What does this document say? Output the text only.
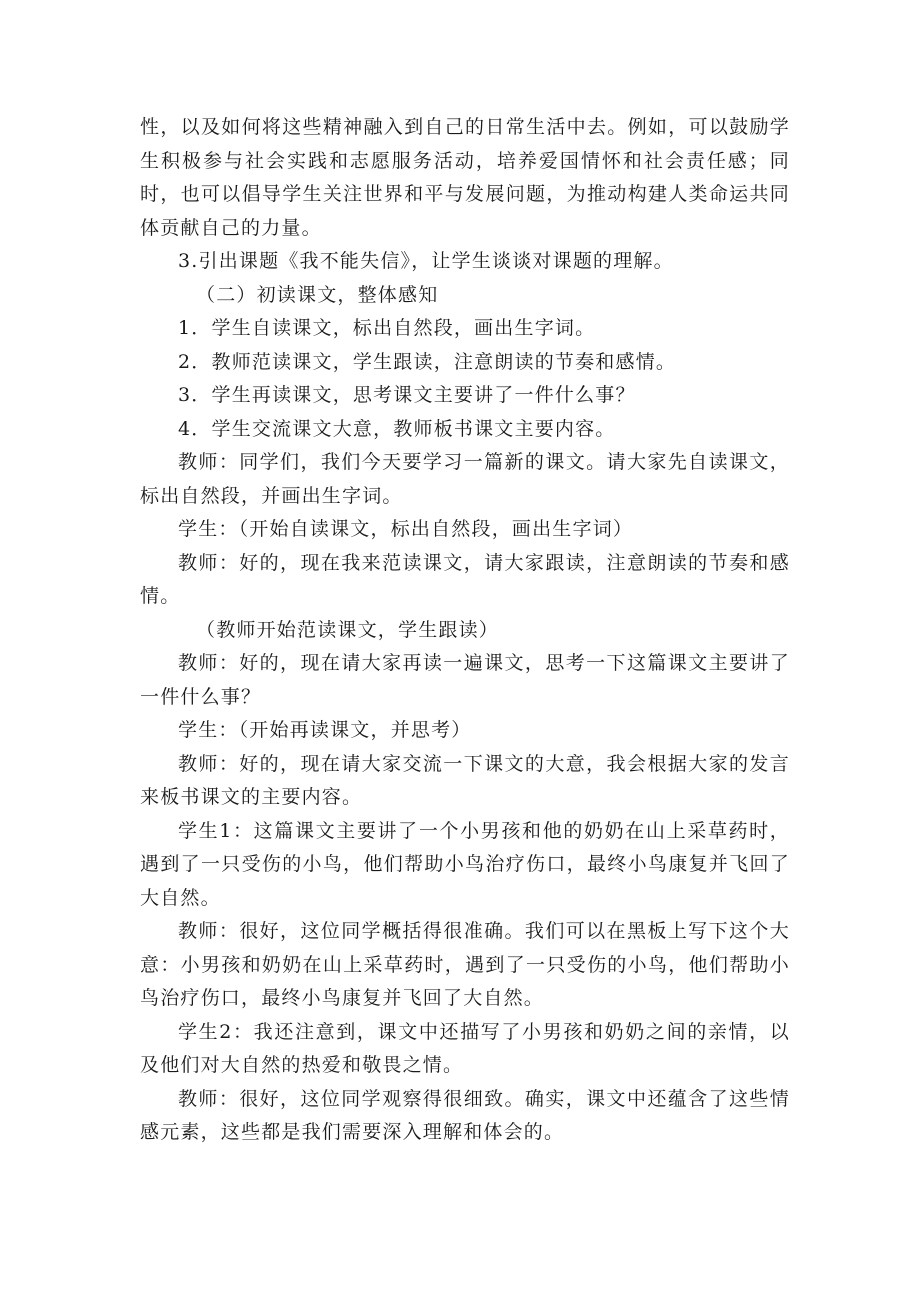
性，以及如何将这些精神融入到自己的日常生活中去。例如，可以鼓励学生积极参与社会实践和志愿服务活动，培养爱国情怀和社会责任感；同时，也可以倡导学生关注世界和平与发展问题，为推动构建人类命运共同体贡献自己的力量。

3.引出课题《我不能失信》，让学生谈谈对课题的理解。

（二）初读课文，整体感知

1．学生自读课文，标出自然段，画出生字词。

2．教师范读课文，学生跟读，注意朗读的节奏和感情。

3．学生再读课文，思考课文主要讲了一件什么事？

4．学生交流课文大意，教师板书课文主要内容。

教师：同学们，我们今天要学习一篇新的课文。请大家先自读课文，标出自然段，并画出生字词。

学生：（开始自读课文，标出自然段，画出生字词）

教师：好的，现在我来范读课文，请大家跟读，注意朗读的节奏和感情。

（教师开始范读课文，学生跟读）

教师：好的，现在请大家再读一遍课文，思考一下这篇课文主要讲了一件什么事？

学生：（开始再读课文，并思考）

教师：好的，现在请大家交流一下课文的大意，我会根据大家的发言来板书课文的主要内容。

学生1：这篇课文主要讲了一个小男孩和他的奶奶在山上采草药时，遇到了一只受伤的小鸟，他们帮助小鸟治疗伤口，最终小鸟康复并飞回了大自然。

教师：很好，这位同学概括得很准确。我们可以在黑板上写下这个大意：小男孩和奶奶在山上采草药时，遇到了一只受伤的小鸟，他们帮助小鸟治疗伤口，最终小鸟康复并飞回了大自然。

学生2：我还注意到，课文中还描写了小男孩和奶奶之间的亲情，以及他们对大自然的热爱和敬畏之情。

教师：很好，这位同学观察得很细致。确实，课文中还蕴含了这些情感元素，这些都是我们需要深入理解和体会的。
